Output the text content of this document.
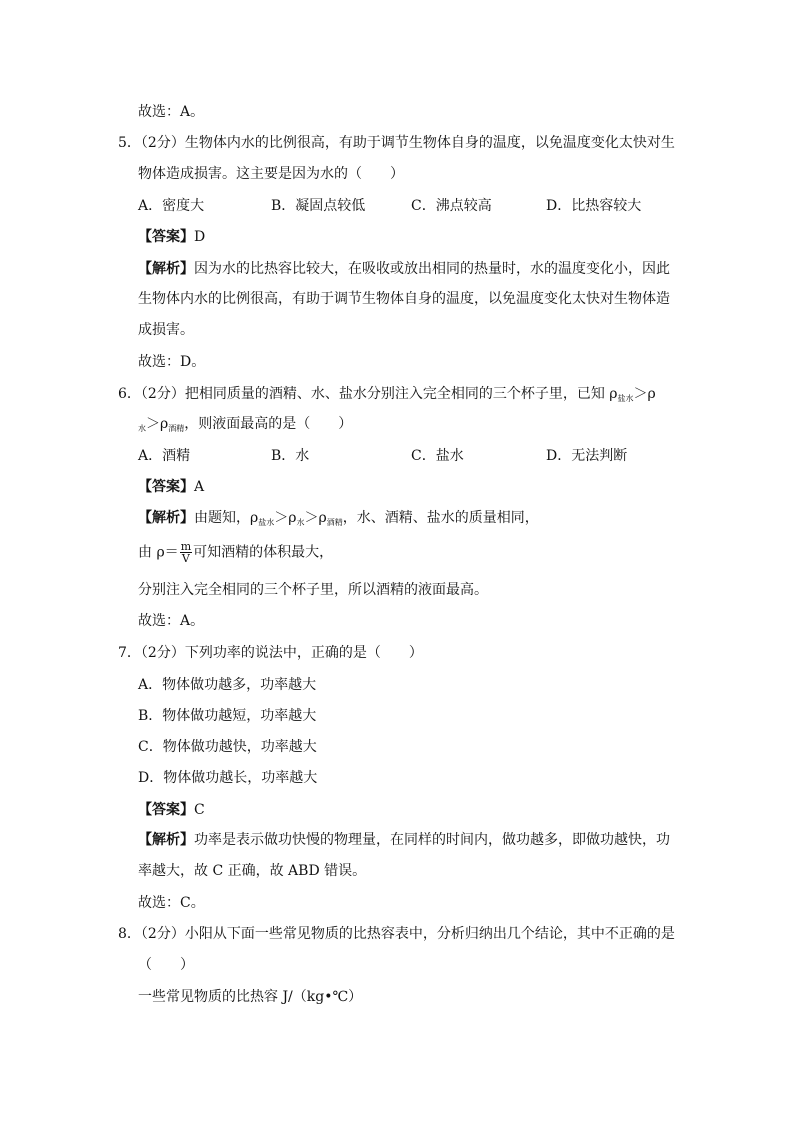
故选：A。
5．（2分）生物体内水的比例很高，有助于调节生物体自身的温度，以免温度变化太快对生
物体造成损害。这主要是因为水的（　　）
A．密度大	B．凝固点较低	C．沸点较高	D．比热容较大
【答案】D
【解析】因为水的比热容比较大，在吸收或放出相同的热量时，水的温度变化小，因此
生物体内水的比例很高，有助于调节生物体自身的温度，以免温度变化太快对生物体造
成损害。
故选：D。
6．（2分）把相同质量的酒精、水、盐水分别注入完全相同的三个杯子里，已知 $\rho_{盐水}>\rho$
$_水>\rho_{酒精}$，则液面最高的是（　　）
A．酒精	B．水	C．盐水	D．无法判断
【答案】A
【解析】由题知，$\rho_{盐水}>\rho_水>\rho_{酒精}$，水、酒精、盐水的质量相同，
由 $\rho= \frac{m}{V}$ 可知酒精的体积最大，
分别注入完全相同的三个杯子里，所以酒精的液面最高。
故选：A。
7．（2分）下列功率的说法中，正确的是（　　）
A．物体做功越多，功率越大
B．物体做功越短，功率越大
C．物体做功越快，功率越大
D．物体做功越长，功率越大
【答案】C
【解析】功率是表示做功快慢的物理量，在同样的时间内，做功越多，即做功越快，功
率越大，故 C 正确，故 ABD 错误。
故选：C。
8．（2分）小阳从下面一些常见物质的比热容表中，分析归纳出几个结论，其中不正确的是
（　　）
一些常见物质的比热容 J/（kg•℃）
